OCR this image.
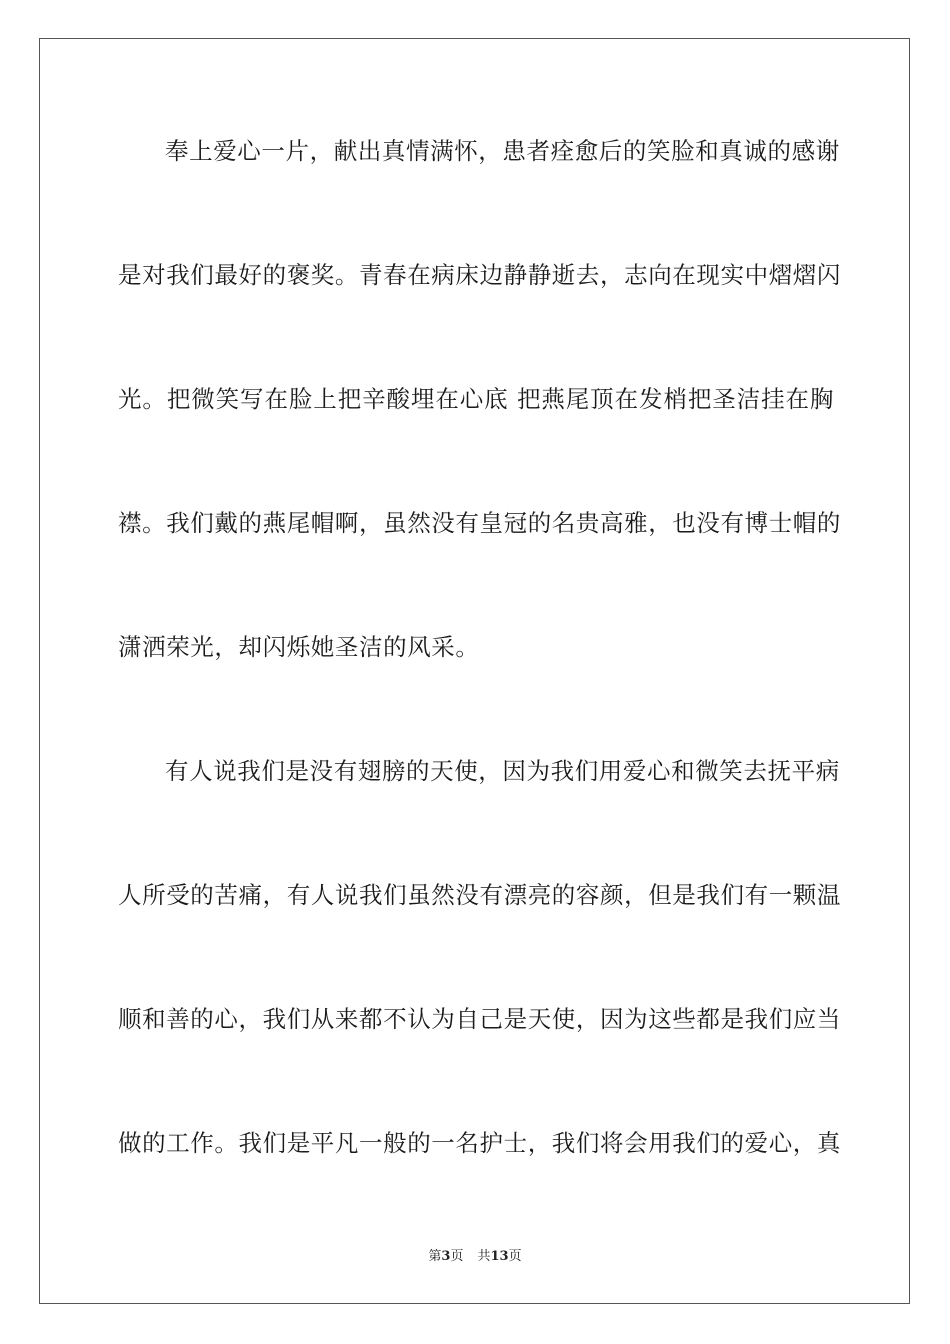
奉上爱心一片，献出真情满怀，患者痊愈后的笑脸和真诚的感谢
是对我们最好的褒奖。青春在病床边静静逝去，志向在现实中熠熠闪
光。把微笑写在脸上把辛酸埋在心底 把燕尾顶在发梢把圣洁挂在胸
襟。我们戴的燕尾帽啊，虽然没有皇冠的名贵高雅，也没有博士帽的
潇洒荣光，却闪烁她圣洁的风采。
有人说我们是没有翅膀的天使，因为我们用爱心和微笑去抚平病
人所受的苦痛，有人说我们虽然没有漂亮的容颜，但是我们有一颗温
顺和善的心，我们从来都不认为自己是天使，因为这些都是我们应当
做的工作。我们是平凡一般的一名护士，我们将会用我们的爱心，真
第3页 共13页
